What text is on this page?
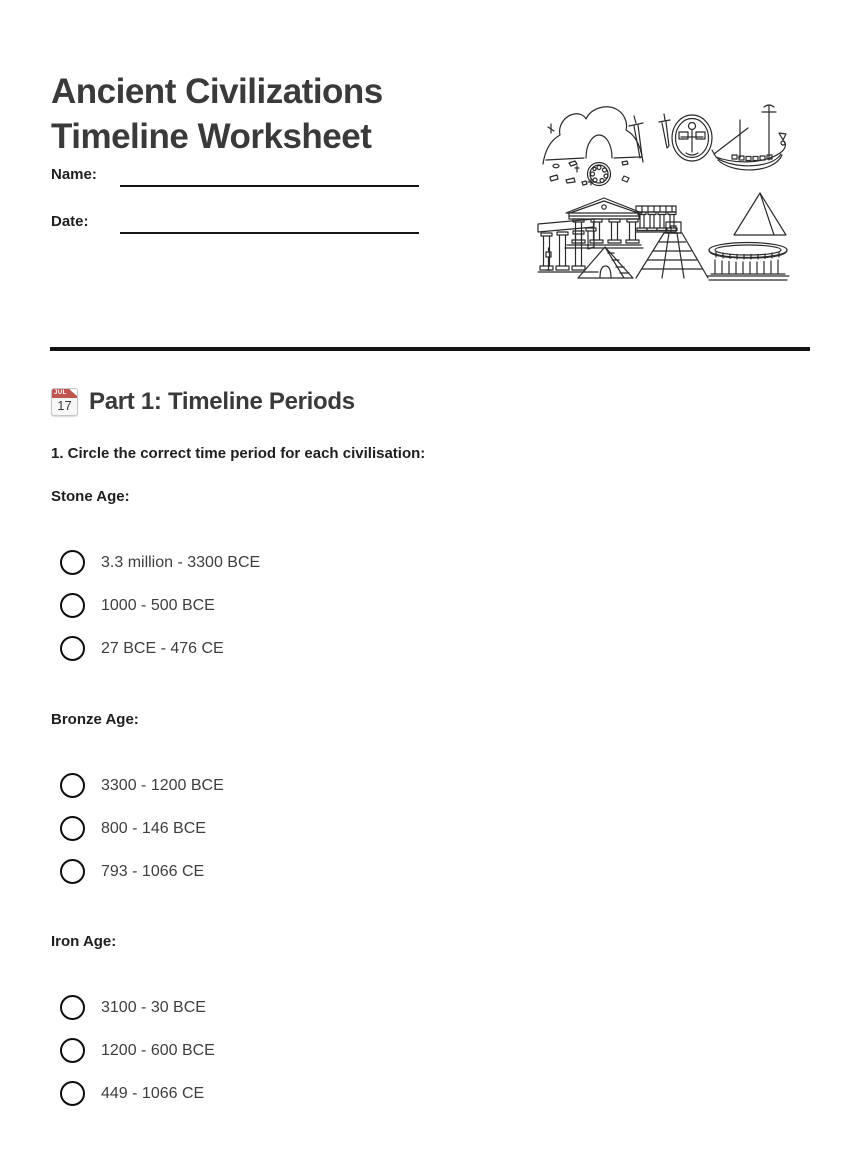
Ancient Civilizations Timeline Worksheet
Name:
Date:
JUL
17 Part 1: Timeline Periods
1. Circle the correct time period for each civilisation:

Stone Age:

3.3 million - 3300 BCE
1000 - 500 BCE
27 BCE - 476 CE

Bronze Age:

3300 - 1200 BCE
800 - 146 BCE
793 - 1066 CE

Iron Age:

3100 - 30 BCE
1200 - 600 BCE
449 - 1066 CE
